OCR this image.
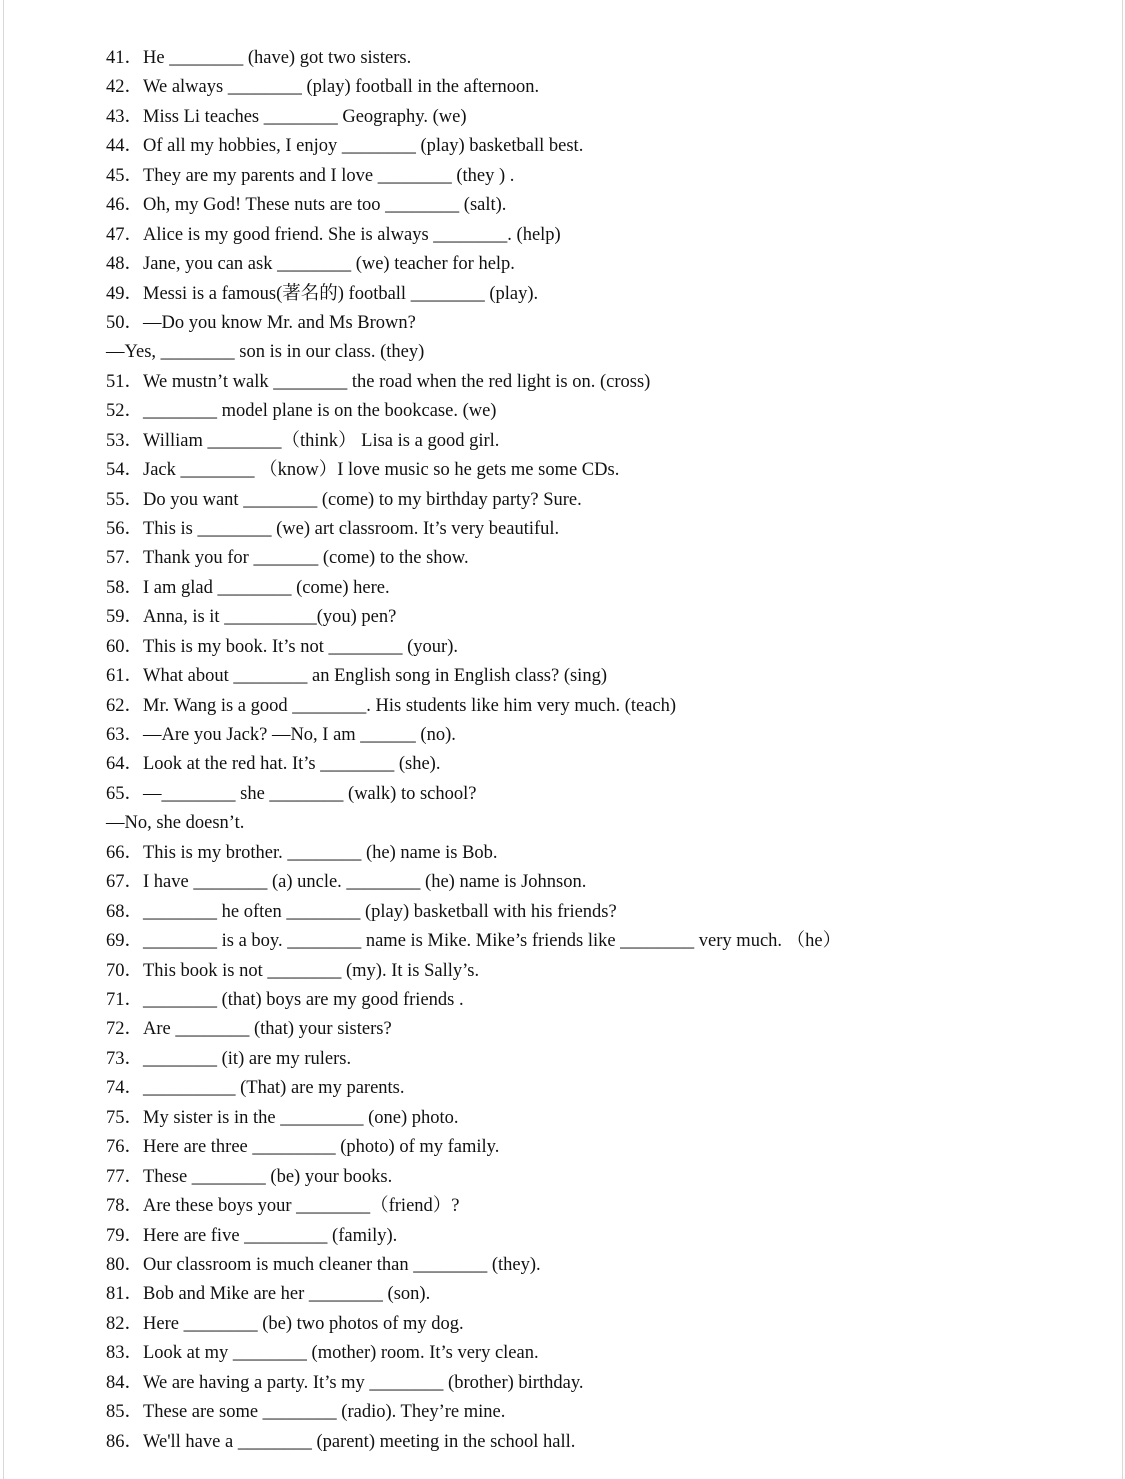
41．He ________ (have) got two sisters.
42．We always ________ (play) football in the afternoon.
43．Miss Li teaches ________ Geography. (we)
44．Of all my hobbies, I enjoy ________ (play) basketball best.
45．They are my parents and I love ________ (they ) .
46．Oh, my God! These nuts are too ________ (salt).
47．Alice is my good friend. She is always ________. (help)
48．Jane, you can ask ________ (we) teacher for help.
49．Messi is a famous(著名的) football ________ (play).
50．—Do you know Mr. and Ms Brown?
—Yes, ________ son is in our class. (they)
51．We mustn’t walk ________ the road when the red light is on. (cross)
52．________ model plane is on the bookcase. (we)
53．William ________（think） Lisa is a good girl.
54．Jack ________ （know）I love music so he gets me some CDs.
55．Do you want ________ (come) to my birthday party? Sure.
56．This is ________ (we) art classroom. It’s very beautiful.
57．Thank you for _______ (come) to the show.
58．I am glad ________ (come) here.
59．Anna, is it __________(you) pen?
60．This is my book. It’s not ________ (your).
61．What about ________ an English song in English class? (sing)
62．Mr. Wang is a good ________. His students like him very much. (teach)
63．—Are you Jack? —No, I am ______ (no).
64．Look at the red hat. It’s ________ (she).
65．—________ she ________ (walk) to school?
—No, she doesn’t.
66．This is my brother. ________ (he) name is Bob.
67．I have ________ (a) uncle. ________ (he) name is Johnson.
68．________ he often ________ (play) basketball with his friends?
69．________ is a boy. ________ name is Mike. Mike’s friends like ________ very much. （he）
70．This book is not ________ (my). It is Sally’s.
71．________ (that) boys are my good friends .
72．Are ________ (that) your sisters?
73．________ (it) are my rulers.
74．__________ (That) are my parents.
75．My sister is in the _________ (one) photo.
76．Here are three _________ (photo) of my family.
77．These ________ (be) your books.
78．Are these boys your ________（friend）?
79．Here are five _________ (family).
80．Our classroom is much cleaner than ________ (they).
81．Bob and Mike are her ________ (son).
82．Here ________ (be) two photos of my dog.
83．Look at my ________ (mother) room. It’s very clean.
84．We are having a party. It’s my ________ (brother) birthday.
85．These are some ________ (radio). They’re mine.
86．We'll have a ________ (parent) meeting in the school hall.
